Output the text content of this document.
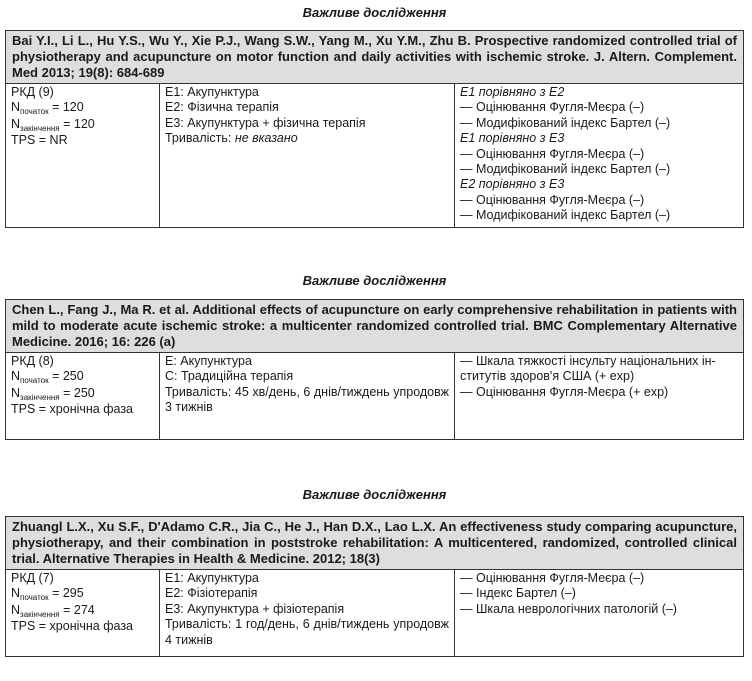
Важливе дослідження
Bai Y.I., Li L., Hu Y.S., Wu Y., Xie P.J., Wang S.W., Yang M., Xu Y.M., Zhu B. Prospective randomized controlled trial of physiotherapy and acupuncture on motor function and daily activities with ischemic stroke. J. Altern. Complement. Med 2013; 19(8): 684-689
РКД (9)
$N_{початок} = 120$
$N_{закінчення} = 120$
TPS = NR
E1: Акупунктура
E2: Фізична терапія
E3: Акупунктура + фізична терапія
Тривалість: не вказано
E1 порівняно з E2
— Оцінювання Фугля-Меєра (–)
— Модифікований індекс Бартел (–)
E1 порівняно з E3
— Оцінювання Фугля-Меєра (–)
— Модифікований індекс Бартел (–)
E2 порівняно з E3
— Оцінювання Фугля-Меєра (–)
— Модифікований індекс Бартел (–)
Важливе дослідження
Chen L., Fang J., Ma R. et al. Additional effects of acupuncture on early comprehensive rehabilitation in patients with mild to moderate acute ischemic stroke: a multicenter randomized controlled trial. BMC Complementary Alternative Medicine. 2016; 16: 226 (a)
РКД (8)
$N_{початок} = 250$
$N_{закінчення} = 250$
TPS = хронічна фаза
E: Акупунктура
С: Традиційна терапія
Тривалість: 45 хв/день, 6 днів/тиждень упродовж 3 тижнів
— Шкала тяжкості інсульту національних ін-ститутів здоров'я США (+ exp)
— Оцінювання Фугля-Меєра (+ exp)
Важливе дослідження
Zhuangl L.X., Xu S.F., D'Adamo C.R., Jia C., He J., Han D.X., Lao L.X. An effectiveness study comparing acupuncture, physiotherapy, and their combination in poststroke rehabilitation: A multicentered, randomized, controlled clinical trial. Alternative Therapies in Health & Medicine. 2012; 18(3)
РКД (7)
$N_{початок} = 295$
$N_{закінчення} = 274$
TPS = хронічна фаза
E1: Акупунктура
E2: Фізіотерапія
E3: Акупунктура + фізіотерапія
Тривалість: 1 год/день, 6 днів/тиждень упродовж 4 тижнів
— Оцінювання Фугля-Меєра (–)
— Індекс Бартел (–)
— Шкала неврологічних патологій (–)
